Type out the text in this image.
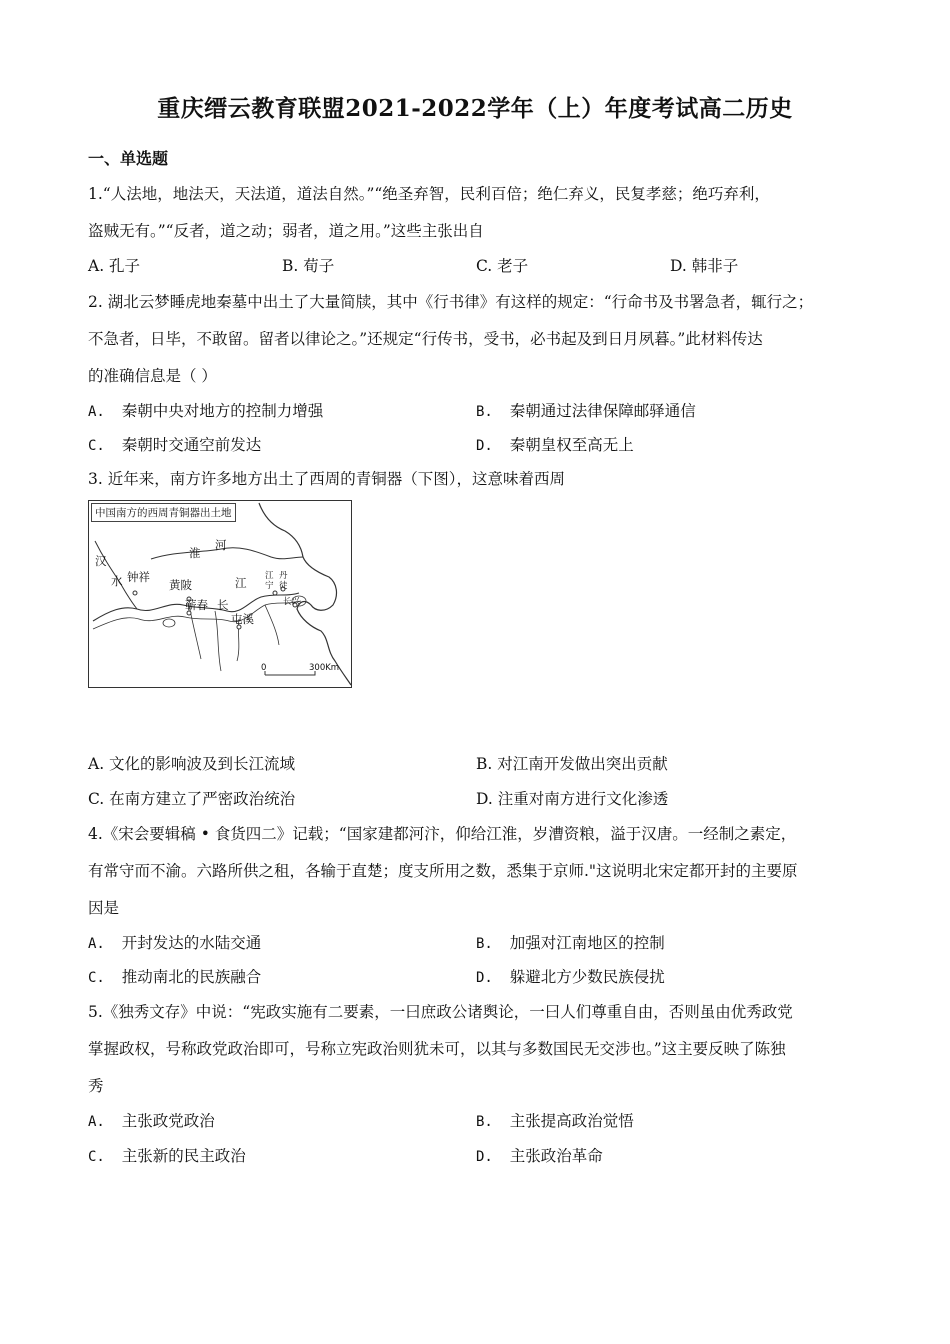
重庆缙云教育联盟2021-2022学年（上）年度考试高二历史
一、单选题
1.“人法地，地法天，天法道，道法自然。”“绝圣弃智，民利百倍；绝仁弃义，民复孝慈；绝巧弃利，
盗贼无有。”“反者，道之动；弱者，道之用。”这些主张出自
A. 孔子	B. 荀子	C. 老子	D. 韩非子
2. 湖北云梦睡虎地秦墓中出土了大量简牍，其中《行书律》有这样的规定：“行命书及书署急者，辄行之；
不急者，日毕，不敢留。留者以律论之。”还规定“行传书，受书，必书起及到日月夙暮。”此材料传达
的准确信息是（ ）
A. 秦朝中央对地方的控制力增强	B. 秦朝通过法律保障邮驿通信
C. 秦朝时交通空前发达	D. 秦朝皇权至高无上
3. 近年来，南方许多地方出土了西周的青铜器（下图），这意味着西周
中国南方的西周青铜器出土地
汉
水
淮
河
钟祥
黄陂	江
蕲春 长
屯溪
江宁
丹徒
长兴
0	300Km
A. 文化的影响波及到长江流域	B. 对江南开发做出突出贡献
C. 在南方建立了严密政治统治	D. 注重对南方进行文化渗透
4.《宋会要辑稿 • 食货四二》记载；“国家建都河汴，仰给江淮，岁漕资粮，溢于汉唐。一经制之素定，
有常守而不渝。六路所供之租，各输于直楚；度支所用之数，悉集于京师."这说明北宋定都开封的主要原
因是
A. 开封发达的水陆交通	B. 加强对江南地区的控制
C. 推动南北的民族融合	D. 躲避北方少数民族侵扰
5.《独秀文存》中说：“宪政实施有二要素，一曰庶政公诸舆论，一曰人们尊重自由，否则虽由优秀政党
掌握政权，号称政党政治即可，号称立宪政治则犹未可，以其与多数国民无交涉也。”这主要反映了陈独
秀
A. 主张政党政治	B. 主张提高政治觉悟
C. 主张新的民主政治	D. 主张政治革命
